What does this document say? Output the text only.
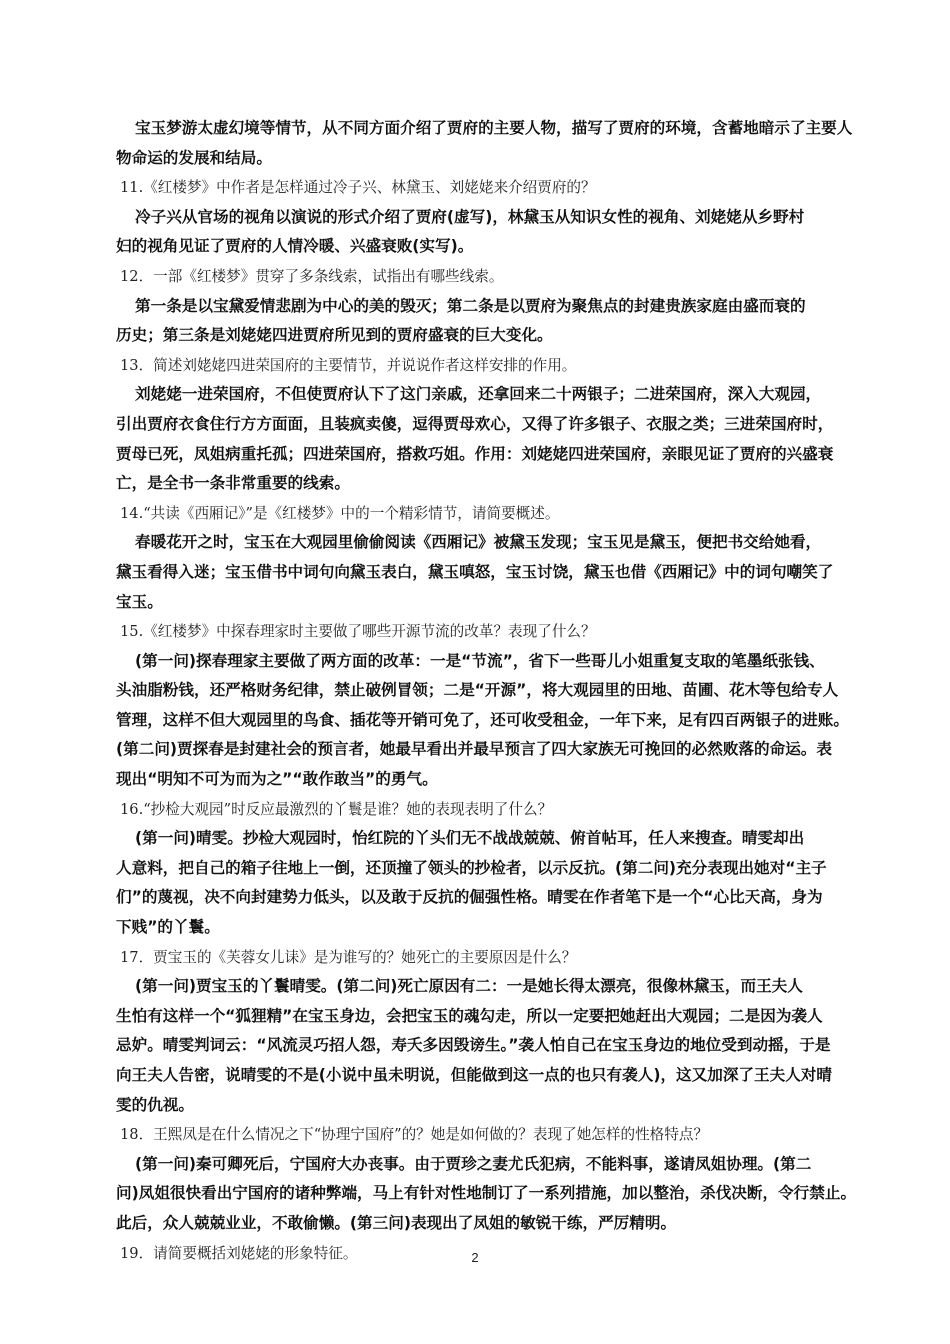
宝玉梦游太虚幻境等情节，从不同方面介绍了贾府的主要人物，描写了贾府的环境，含蓄地暗示了主要人
物命运的发展和结局。
11.《红楼梦》中作者是怎样通过冷子兴、林黛玉、刘姥姥来介绍贾府的？
冷子兴从官场的视角以演说的形式介绍了贾府(虚写)，林黛玉从知识女性的视角、刘姥姥从乡野村
妇的视角见证了贾府的人情冷暖、兴盛衰败(实写)。
12．一部《红楼梦》贯穿了多条线索，试指出有哪些线索。
第一条是以宝黛爱情悲剧为中心的美的毁灭；第二条是以贾府为聚焦点的封建贵族家庭由盛而衰的
历史；第三条是刘姥姥四进贾府所见到的贾府盛衰的巨大变化。
13．简述刘姥姥四进荣国府的主要情节，并说说作者这样安排的作用。
刘姥姥一进荣国府，不但使贾府认下了这门亲戚，还拿回来二十两银子；二进荣国府，深入大观园，
引出贾府衣食住行方方面面，且装疯卖傻，逗得贾母欢心，又得了许多银子、衣服之类；三进荣国府时，
贾母已死，凤姐病重托孤；四进荣国府，搭救巧姐。作用：刘姥姥四进荣国府，亲眼见证了贾府的兴盛衰
亡，是全书一条非常重要的线索。
14.“共读《西厢记》”是《红楼梦》中的一个精彩情节，请简要概述。
春暖花开之时，宝玉在大观园里偷偷阅读《西厢记》被黛玉发现；宝玉见是黛玉，便把书交给她看，
黛玉看得入迷；宝玉借书中词句向黛玉表白，黛玉嗔怒，宝玉讨饶，黛玉也借《西厢记》中的词句嘲笑了
宝玉。
15.《红楼梦》中探春理家时主要做了哪些开源节流的改革？表现了什么？
(第一问)探春理家主要做了两方面的改革：一是“节流”，省下一些哥儿小姐重复支取的笔墨纸张钱、
头油脂粉钱，还严格财务纪律，禁止破例冒领；二是“开源”，将大观园里的田地、苗圃、花木等包给专人
管理，这样不但大观园里的鸟食、插花等开销可免了，还可收受租金，一年下来，足有四百两银子的进账。
(第二问)贾探春是封建社会的预言者，她最早看出并最早预言了四大家族无可挽回的必然败落的命运。表
现出“明知不可为而为之”“敢作敢当”的勇气。
16.“抄检大观园”时反应最激烈的丫鬟是谁？她的表现表明了什么？
(第一问)晴雯。抄检大观园时，怡红院的丫头们无不战战兢兢、俯首帖耳，任人来搜查。晴雯却出
人意料，把自己的箱子往地上一倒，还顶撞了领头的抄检者，以示反抗。(第二问)充分表现出她对“主子
们”的蔑视，决不向封建势力低头，以及敢于反抗的倔强性格。晴雯在作者笔下是一个“心比天高，身为
下贱”的丫鬟。
17．贾宝玉的《芙蓉女儿诔》是为谁写的？她死亡的主要原因是什么？
(第一问)贾宝玉的丫鬟晴雯。(第二问)死亡原因有二：一是她长得太漂亮，很像林黛玉，而王夫人
生怕有这样一个“狐狸精”在宝玉身边，会把宝玉的魂勾走，所以一定要把她赶出大观园；二是因为袭人
忌妒。晴雯判词云：“风流灵巧招人怨，寿夭多因毁谤生。”袭人怕自己在宝玉身边的地位受到动摇，于是
向王夫人告密，说晴雯的不是(小说中虽未明说，但能做到这一点的也只有袭人)，这又加深了王夫人对晴
雯的仇视。
18．王熙凤是在什么情况之下“协理宁国府”的？她是如何做的？表现了她怎样的性格特点？
(第一问)秦可卿死后，宁国府大办丧事。由于贾珍之妻尤氏犯病，不能料事，遂请凤姐协理。(第二
问)凤姐很快看出宁国府的诸种弊端，马上有针对性地制订了一系列措施，加以整治，杀伐决断，令行禁止。
此后，众人兢兢业业，不敢偷懒。(第三问)表现出了凤姐的敏锐干练，严厉精明。
19．请简要概括刘姥姥的形象特征。	2
